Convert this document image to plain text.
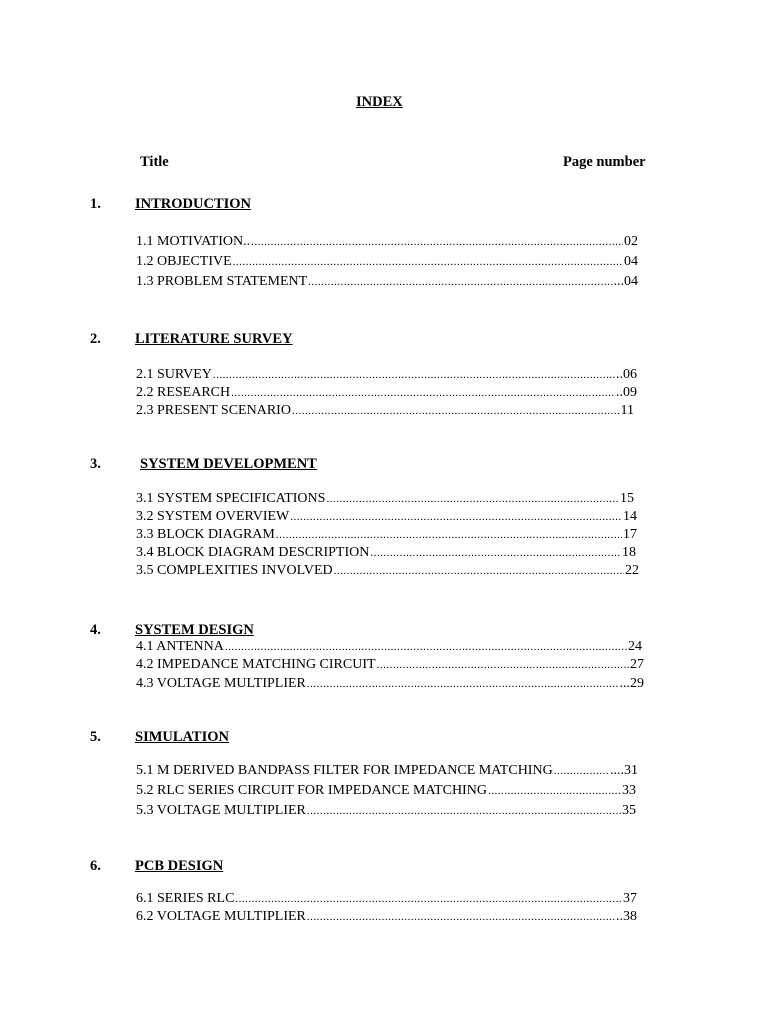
INDEX
Title	Page number
1. INTRODUCTION
1.1 MOTIVATION.. .....	02
1.2 OBJECTIVE .....	04
1.3 PROBLEM STATEMENT .....	...04
2. LITERATURE SURVEY
2.1 SURVEY .....	..06
2.2 RESEARCH .....	..09
2.3 PRESENT SCENARIO .....	11
3.	SYSTEM DEVELOPMENT
3.1 SYSTEM SPECIFICATIONS .....	15
3.2 SYSTEM OVERVIEW .....	14
3.3 BLOCK DIAGRAM .....	17
3.4 BLOCK DIAGRAM DESCRIPTION .....	18
3.5 COMPLEXITIES INVOLVED .....	22
4. SYSTEM DESIGN
4.1 ANTENNA .....	24
4.2 IMPEDANCE MATCHING CIRCUIT .....	27
4.3 VOLTAGE MULTIPLIER .....	...29
5. SIMULATION
5.1 M DERIVED BANDPASS FILTER FOR IMPEDANCE MATCHING .....	....31
5.2 RLC SERIES CIRCUIT FOR IMPEDANCE MATCHING .....	33
5.3 VOLTAGE MULTIPLIER .....	35
6. PCB DESIGN
6.1 SERIES RLC .....	37
6.2 VOLTAGE MULTIPLIER .....	..38
